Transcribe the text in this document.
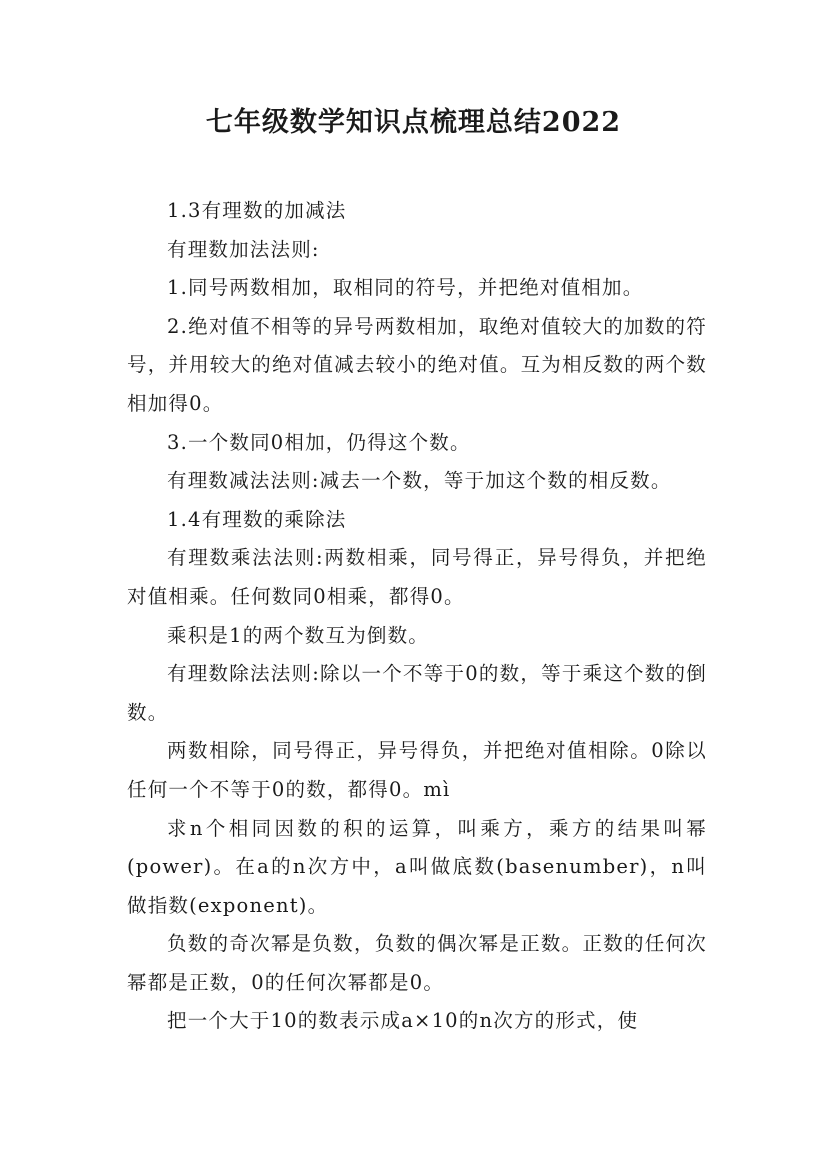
七年级数学知识点梳理总结2022

1.3有理数的加减法

有理数加法法则:

1.同号两数相加，取相同的符号，并把绝对值相加。

2.绝对值不相等的异号两数相加，取绝对值较大的加数的符号，并用较大的绝对值减去较小的绝对值。互为相反数的两个数相加得0。

3.一个数同0相加，仍得这个数。

有理数减法法则:减去一个数，等于加这个数的相反数。

1.4有理数的乘除法

有理数乘法法则:两数相乘，同号得正，异号得负，并把绝对值相乘。任何数同0相乘，都得0。

乘积是1的两个数互为倒数。

有理数除法法则:除以一个不等于0的数，等于乘这个数的倒数。

两数相除，同号得正，异号得负，并把绝对值相除。0除以任何一个不等于0的数，都得0。mì

求n个相同因数的积的运算，叫乘方，乘方的结果叫幂(power)。在a的n次方中，a叫做底数(basenumber)，n叫做指数(exponent)。

负数的奇次幂是负数，负数的偶次幂是正数。正数的任何次幂都是正数，0的任何次幂都是0。

把一个大于10的数表示成a×10的n次方的形式，使
